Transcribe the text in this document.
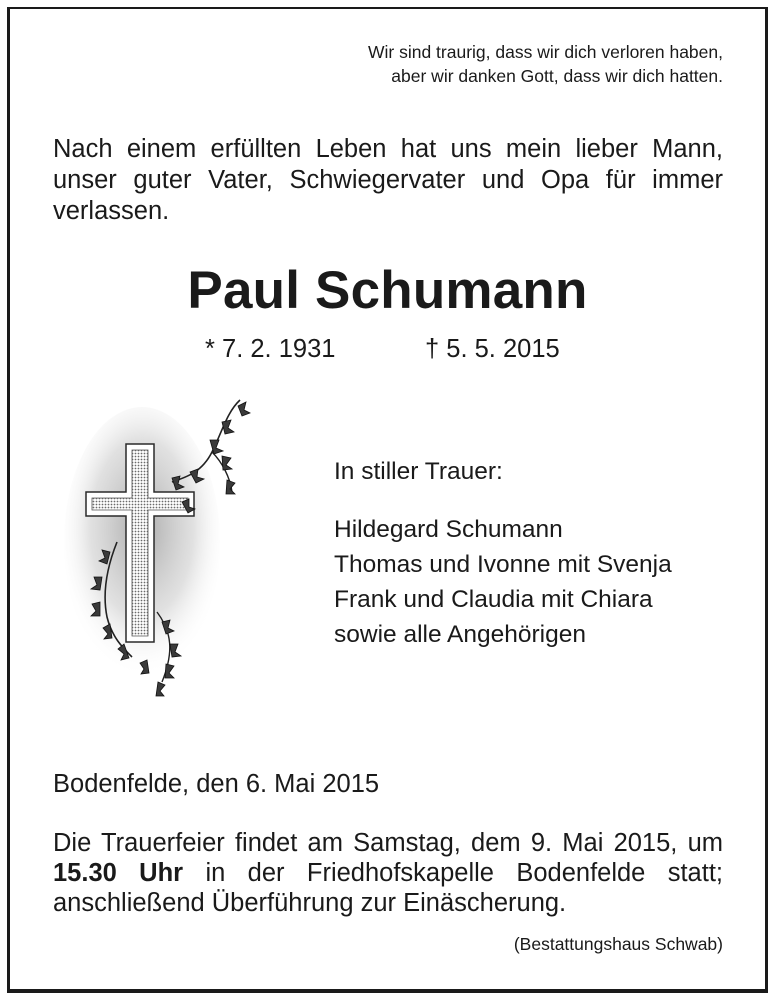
Wir sind traurig, dass wir dich verloren haben,
aber wir danken Gott, dass wir dich hatten.

Nach einem erfüllten Leben hat uns mein lieber Mann, unser guter Vater, Schwiegervater und Opa für immer verlassen.

Paul Schumann
* 7. 2. 1931	† 5. 5. 2015
In stiller Trauer:
Hildegard Schumann
Thomas und Ivonne mit Svenja
Frank und Claudia mit Chiara
sowie alle Angehörigen
Bodenfelde, den 6. Mai 2015
Die Trauerfeier findet am Samstag, dem 9. Mai 2015, um 15.30 Uhr in der Friedhofskapelle Bodenfelde statt; anschließend Überführung zur Einäscherung.
(Bestattungshaus Schwab)
